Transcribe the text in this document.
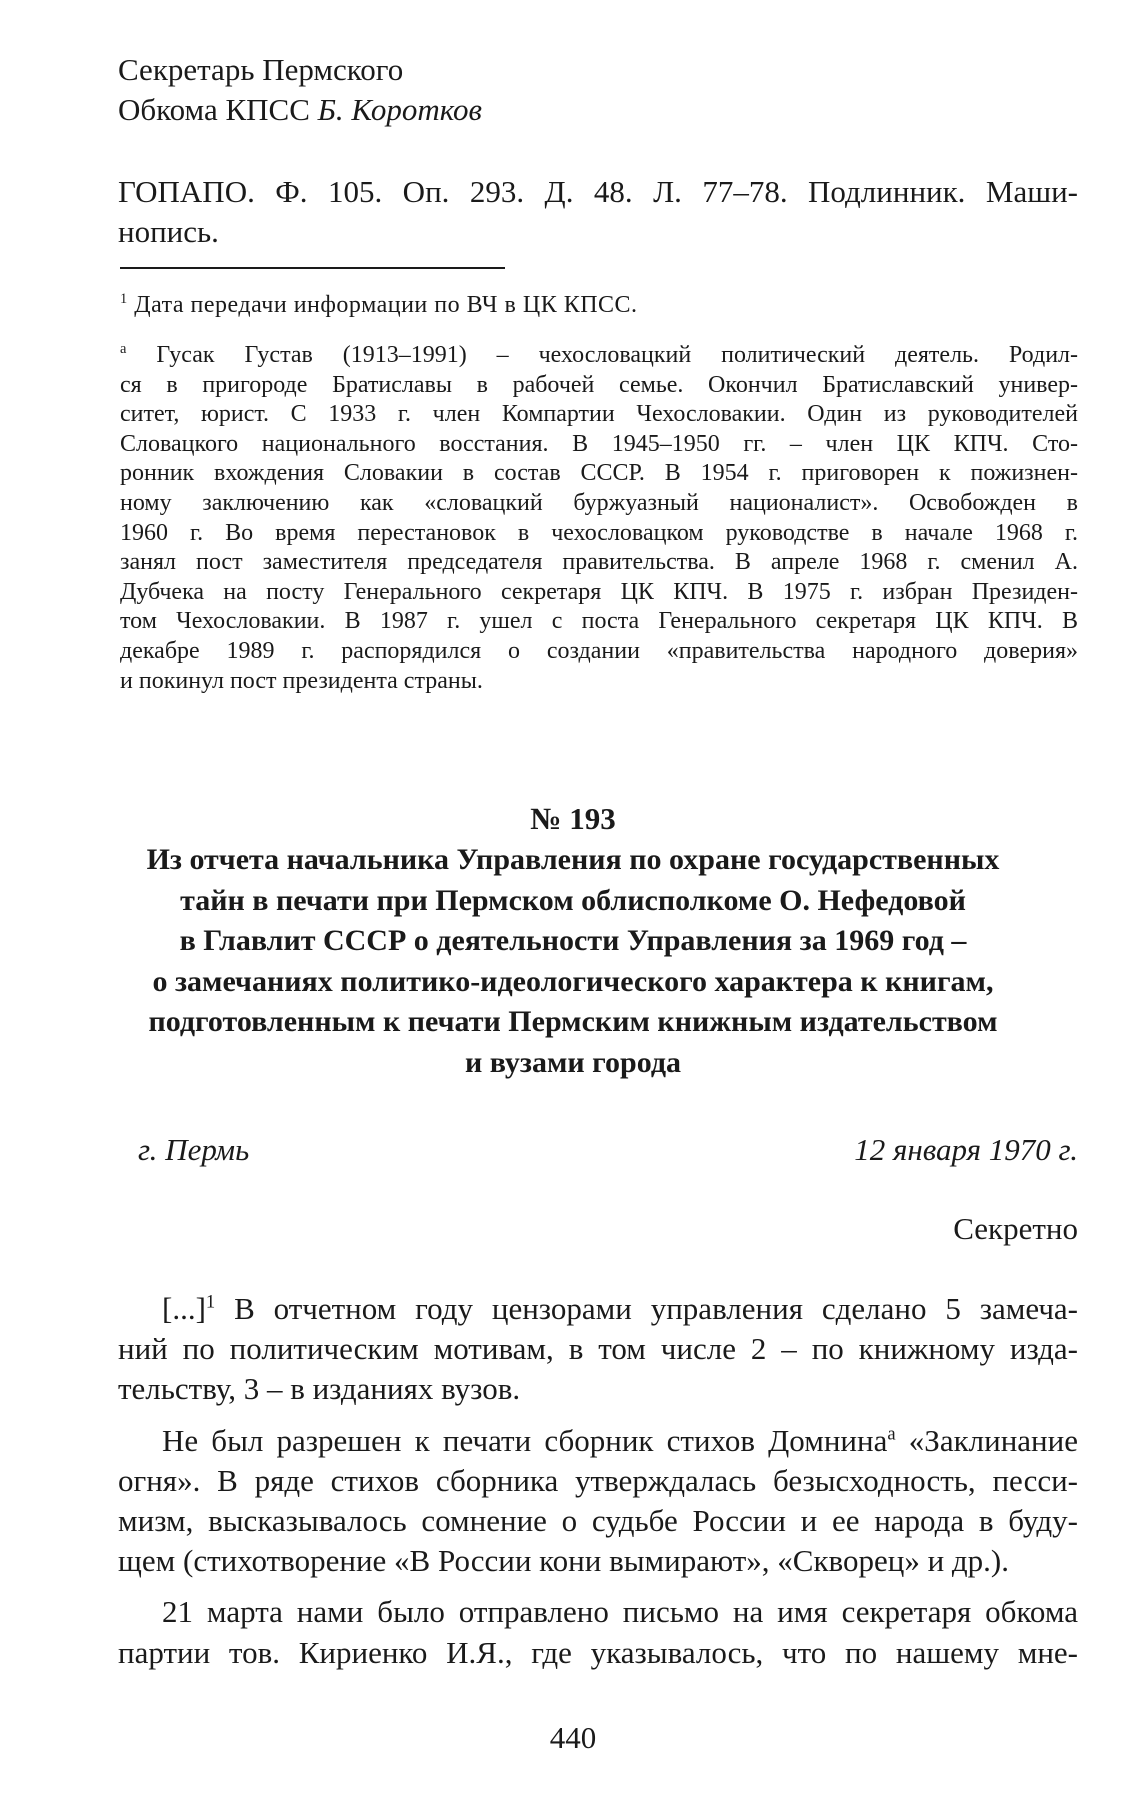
Секретарь Пермского
Обкома КПСС Б. Коротков
ГОПАПО. Ф. 105. Оп. 293. Д. 48. Л. 77–78. Подлинник. Маши-
нопись.
$^1$ Дата передачи информации по ВЧ в ЦК КПСС.
$^а$ Гусак Густав (1913–1991) – чехословацкий политический деятель. Родил-
ся в пригороде Братиславы в рабочей семье. Окончил Братиславский универ-
ситет, юрист. С 1933 г. член Компартии Чехословакии. Один из руководителей
Словацкого национального восстания. В 1945–1950 гг. – член ЦК КПЧ. Сто-
ронник вхождения Словакии в состав СССР. В 1954 г. приговорен к пожизнен-
ному заключению как «словацкий буржуазный националист». Освобожден в
1960 г. Во время перестановок в чехословацком руководстве в начале 1968 г.
занял пост заместителя председателя правительства. В апреле 1968 г. сменил А.
Дубчека на посту Генерального секретаря ЦК КПЧ. В 1975 г. избран Президен-
том Чехословакии. В 1987 г. ушел с поста Генерального секретаря ЦК КПЧ. В
декабре 1989 г. распорядился о создании «правительства народного доверия»
и покинул пост президента страны.
№ 193
Из отчета начальника Управления по охране государственных
тайн в печати при Пермском облисполкоме О. Нефедовой
в Главлит СССР о деятельности Управления за 1969 год –
о замечаниях политико-идеологического характера к книгам,
подготовленным к печати Пермским книжным издательством
и вузами города
г. Пермь	12 января 1970 г.
Секретно
[...]$^1$ В отчетном году цензорами управления сделано 5 замеча-
ний по политическим мотивам, в том числе 2 – по книжному изда-
тельству, 3 – в изданиях вузов.
Не был разрешен к печати сборник стихов Домнина$^а$ «Заклинание
огня». В ряде стихов сборника утверждалась безысходность, песси-
мизм, высказывалось сомнение о судьбе России и ее народа в буду-
щем (стихотворение «В России кони вымирают», «Скворец» и др.).
21 марта нами было отправлено письмо на имя секретаря обкома
партии тов. Кириенко И.Я., где указывалось, что по нашему мне-
440
